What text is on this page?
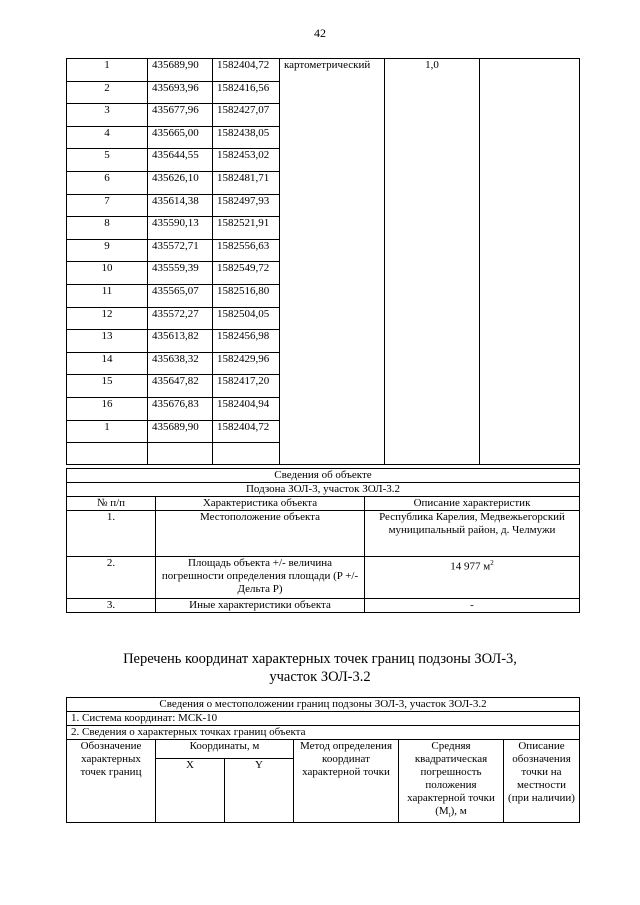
42
1	435689,90	1582404,72	картометрический	1,0	
2	435693,96	1582416,56			
3	435677,96	1582427,07			
4	435665,00	1582438,05			
5	435644,55	1582453,02			
6	435626,10	1582481,71			
7	435614,38	1582497,93			
8	435590,13	1582521,91			
9	435572,71	1582556,63			
10	435559,39	1582549,72			
11	435565,07	1582516,80			
12	435572,27	1582504,05			
13	435613,82	1582456,98			
14	435638,32	1582429,96			
15	435647,82	1582417,20			
16	435676,83	1582404,94			
1	435689,90	1582404,72			

Сведения об объекте		
Подзона ЗОЛ-3, участок ЗОЛ-3.2		
№ п/п	Характеристика объекта	Описание характеристик
1.	Местоположение объекта	Республика Карелия, Медвежьегорский муниципальный район, д. Челмужи
2.	Площадь объекта +/- величина погрешности определения площади (P +/- Дельта P)	14 977 $м^2$
3.	Иные характеристики объекта	-
Перечень координат характерных точек границ подзоны ЗОЛ-3,
участок ЗОЛ-3.2
Сведения о местоположении границ подзоны ЗОЛ-3, участок ЗОЛ-3.2					
1. Система координат: МСК-10					
2. Сведения о характерных точках границ объекта					
Обозначение характерных точек границ	Координаты, м		Метод определения координат характерной точки	Средняя квадратическая погрешность положения характерной точки $(M_t)$, м	Описание обозначения точки на местности (при наличии)
	X	Y			
